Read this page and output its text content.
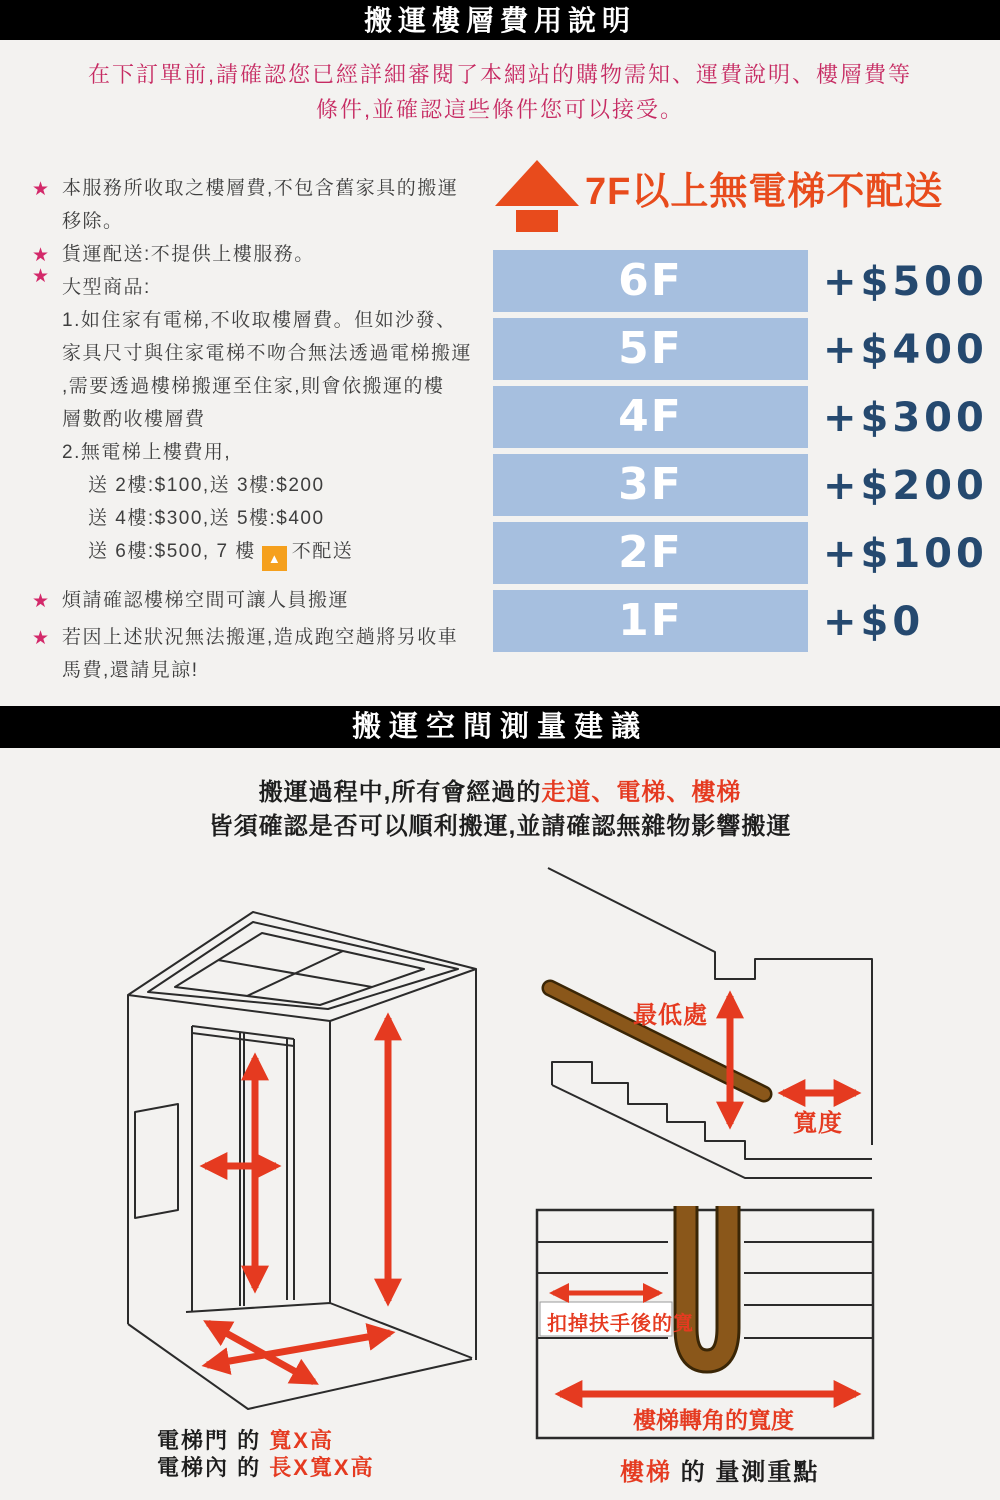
搬運樓層費用說明
在下訂單前,請確認您已經詳細審閱了本網站的購物需知、運費說明、樓層費等
條件,並確認這些條件您可以接受。
★ 本服務所收取之樓層費,不包含舊家具的搬運
移除。
★ 貨運配送:不提供上樓服務。
★
大型商品:
1.如住家有電梯,不收取樓層費。但如沙發、
家具尺寸與住家電梯不吻合無法透過電梯搬運
,需要透過樓梯搬運至住家,則會依搬運的樓
層數酌收樓層費
2.無電梯上樓費用,
送 2樓:$100,送 3樓:$200
送 4樓:$300,送 5樓:$400
送 6樓:$500, 7 樓 ▲ 不配送
★ 煩請確認樓梯空間可讓人員搬運
★ 若因上述狀況無法搬運,造成跑空趟將另收車
馬費,還請見諒!
7F以上無電梯不配送
6F	+$500
5F	+$400
4F	+$300
3F	+$200
2F	+$100
1F	+$0
搬運空間測量建議
搬運過程中,所有會經過的走道、電梯、樓梯
皆須確認是否可以順利搬運,並請確認無雜物影響搬運
最低處
寬度
扣掉扶手後的寬
樓梯轉角的寬度
電梯門 的 寬X高
電梯內 的 長X寬X高	樓梯 的 量測重點
